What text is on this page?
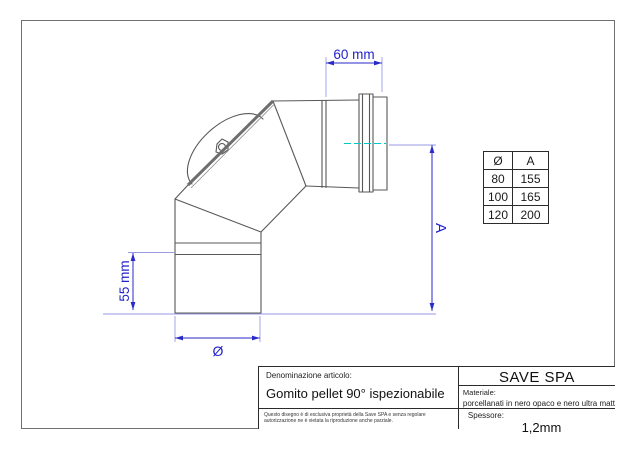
60 mm
55 mm
A
Ø
Ø	A
80	155
100	165
120	200
Denominazione articolo:
Gomito pellet 90° ispezionabile
Questo disegno è di esclusiva proprietà della Save SPA e senza regolare autorizzazione ne è vietata la riproduzione anche parziale.
SAVE SPA
Materiale:
porcellanati in nero opaco e nero ultra matt
Spessore:
1,2mm
